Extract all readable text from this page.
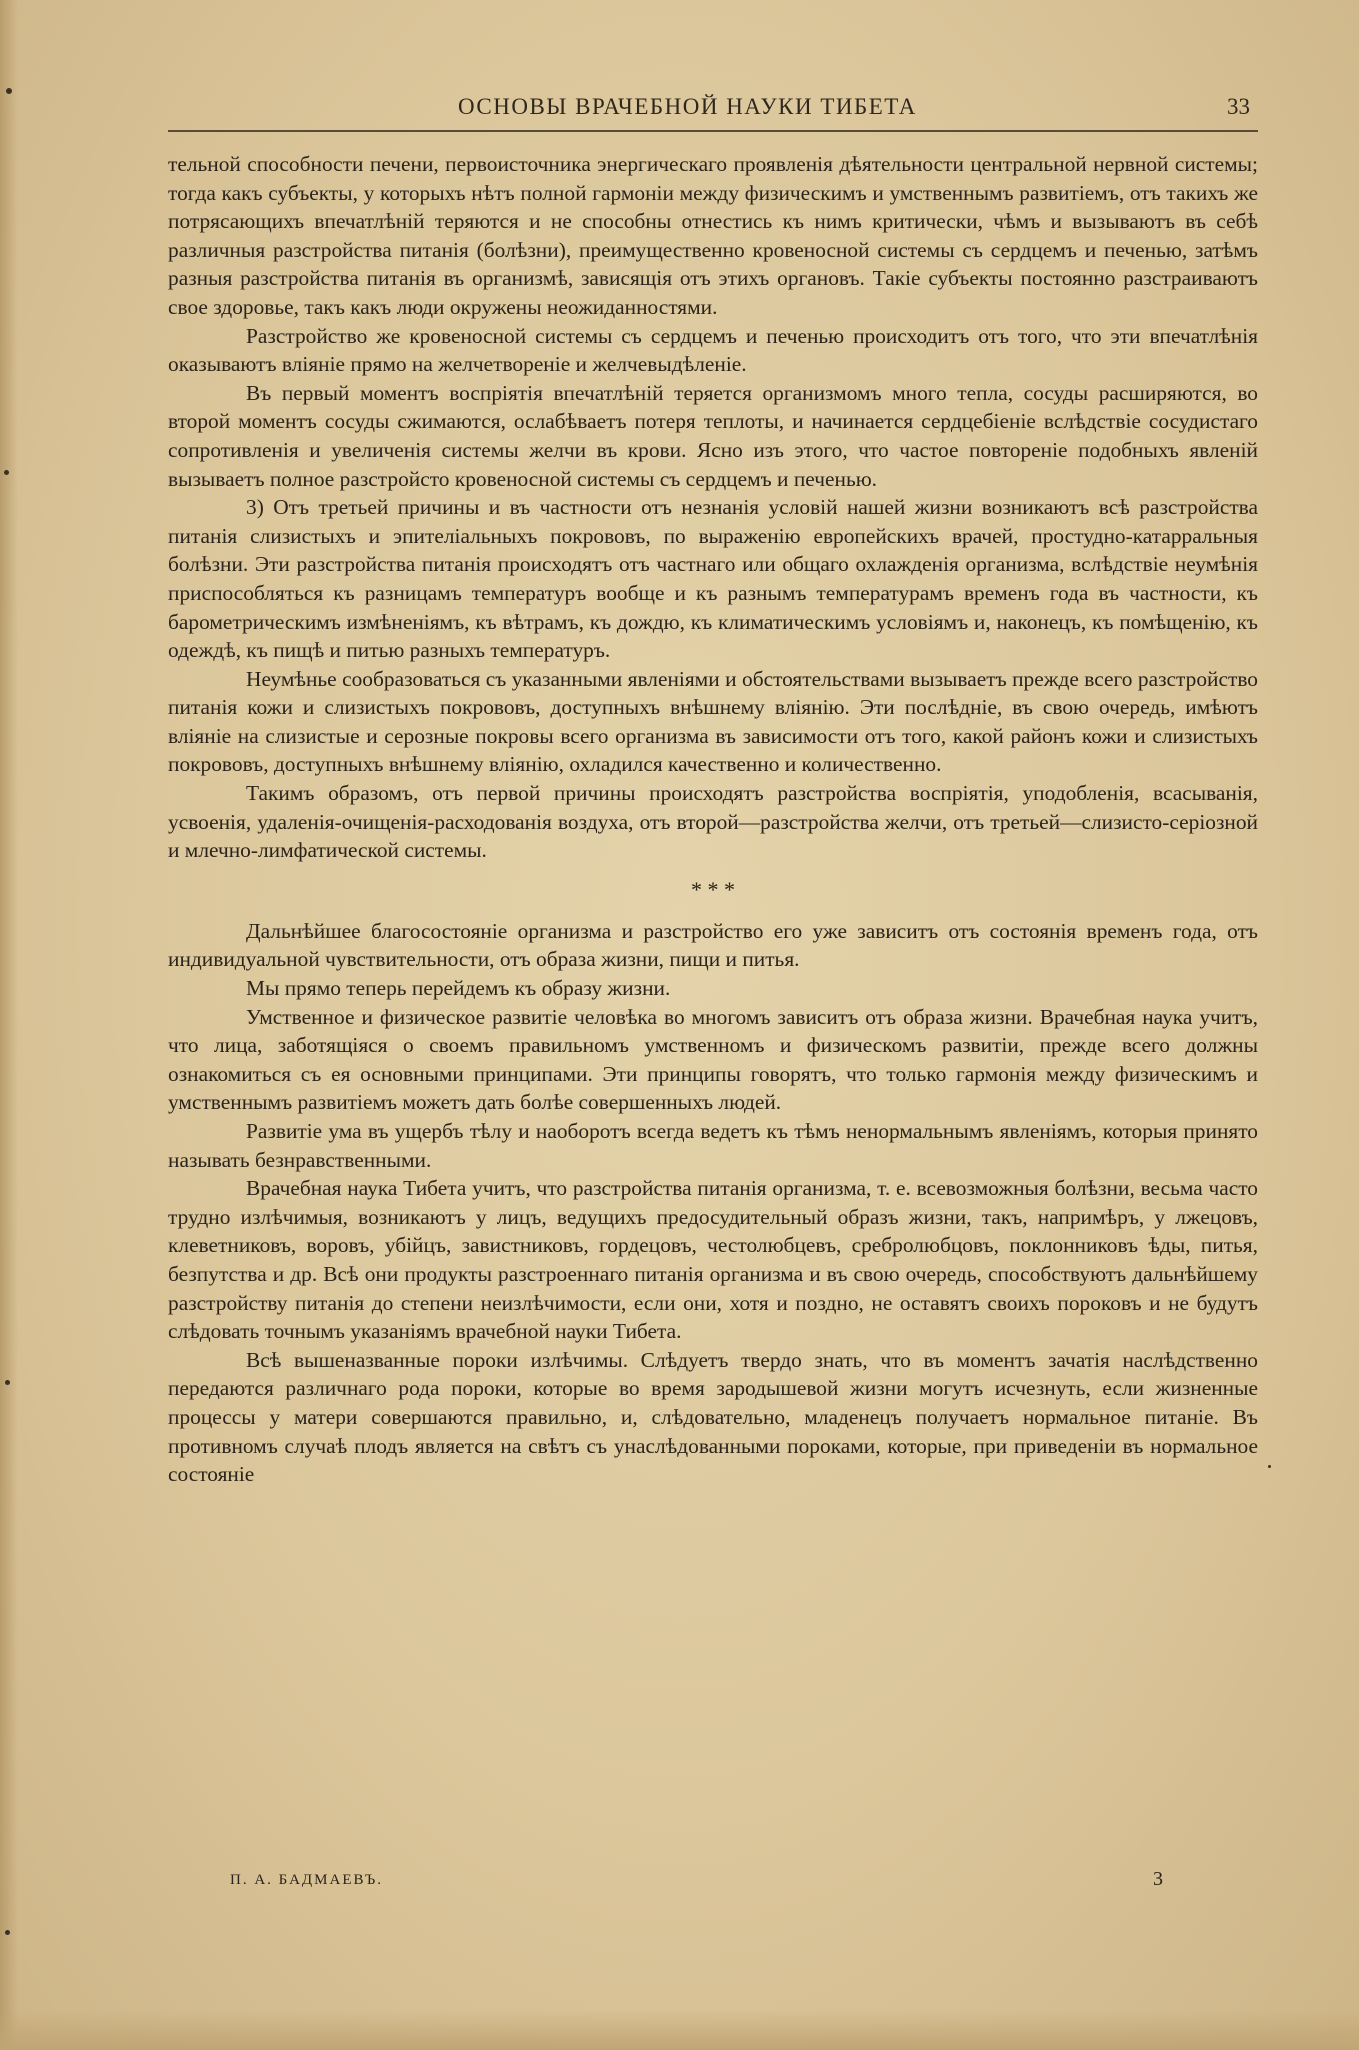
ОСНОВЫ ВРАЧЕБНОЙ НАУКИ ТИБЕТА	33

тельной способности печени, первоисточника энергическаго проявленія дѣятельности центральной нервной системы; тогда какъ субъекты, у которыхъ нѣтъ полной гармоніи между физическимъ и умственнымъ развитіемъ, отъ такихъ же потрясающихъ впечатлѣній теряются и не способны отнестись къ нимъ критически, чѣмъ и вызываютъ въ себѣ различныя разстройства питанія (болѣзни), преимущественно кровеносной системы съ сердцемъ и печенью, затѣмъ разныя разстройства питанія въ организмѣ, зависящія отъ этихъ органовъ. Такіе субъекты постоянно разстраиваютъ свое здоровье, такъ какъ люди окружены неожиданностями.

Разстройство же кровеносной системы съ сердцемъ и печенью происходитъ отъ того, что эти впечатлѣнія оказываютъ вліяніе прямо на желчетвореніе и желчевыдѣленіе.

Въ первый моментъ воспріятія впечатлѣній теряется организмомъ много тепла, сосуды расширяются, во второй моментъ сосуды сжимаются, ослабѣваетъ потеря теплоты, и начинается сердцебіеніе вслѣдствіе сосудистаго сопротивленія и увеличенія системы желчи въ крови. Ясно изъ этого, что частое повтореніе подобныхъ явленій вызываетъ полное разстройсто кровеносной системы съ сердцемъ и печенью.

3) Отъ третьей причины и въ частности отъ незнанія условій нашей жизни возникаютъ всѣ разстройства питанія слизистыхъ и эпителіальныхъ покрововъ, по выраженію европейскихъ врачей, простудно-катарральныя болѣзни. Эти разстройства питанія происходятъ отъ частнаго или общаго охлажденія организма, вслѣдствіе неумѣнія приспособляться къ разницамъ температуръ вообще и къ разнымъ температурамъ временъ года въ частности, къ барометрическимъ измѣненіямъ, къ вѣтрамъ, къ дождю, къ климатическимъ условіямъ и, наконецъ, къ помѣщенію, къ одеждѣ, къ пищѣ и питью разныхъ температуръ.

Неумѣнье сообразоваться съ указанными явленіями и обстоятельствами вызываетъ прежде всего разстройство питанія кожи и слизистыхъ покрововъ, доступныхъ внѣшнему вліянію. Эти послѣдніе, въ свою очередь, имѣютъ вліяніе на слизистые и серозные покровы всего организма въ зависимости отъ того, какой районъ кожи и слизистыхъ покрововъ, доступныхъ внѣшнему вліянію, охладился качественно и количественно.

Такимъ образомъ, отъ первой причины происходятъ разстройства воспріятія, уподобленія, всасыванія, усвоенія, удаленія-очищенія-расходованія воздуха, отъ второй—разстройства желчи, отъ третьей—слизисто-серіозной и млечно-лимфатической системы.

* * *

Дальнѣйшее благосостояніе организма и разстройство его уже зависитъ отъ состоянія временъ года, отъ индивидуальной чувствительности, отъ образа жизни, пищи и питья.

Мы прямо теперь перейдемъ къ образу жизни.

Умственное и физическое развитіе человѣка во многомъ зависитъ отъ образа жизни. Врачебная наука учитъ, что лица, заботящіяся о своемъ правильномъ умственномъ и физическомъ развитіи, прежде всего должны ознакомиться съ ея основными принципами. Эти принципы говорятъ, что только гармонія между физическимъ и умственнымъ развитіемъ можетъ дать болѣе совершенныхъ людей.

Развитіе ума въ ущербъ тѣлу и наоборотъ всегда ведетъ къ тѣмъ ненормальнымъ явленіямъ, которыя принято называть безнравственными.

Врачебная наука Тибета учитъ, что разстройства питанія организма, т. е. всевозможныя болѣзни, весьма часто трудно излѣчимыя, возникаютъ у лицъ, ведущихъ предосудительный образъ жизни, такъ, напримѣръ, у лжецовъ, клеветниковъ, воровъ, убійцъ, завистниковъ, гордецовъ, честолюбцевъ, сребролюбцовъ, поклонниковъ ѣды, питья, безпутства и др. Всѣ они продукты разстроеннаго питанія организма и въ свою очередь, способствуютъ дальнѣйшему разстройству питанія до степени неизлѣчимости, если они, хотя и поздно, не оставятъ своихъ пороковъ и не будутъ слѣдовать точнымъ указаніямъ врачебной науки Тибета.

Всѣ вышеназванные пороки излѣчимы. Слѣдуетъ твердо знать, что въ моментъ зачатія наслѣдственно передаются различнаго рода пороки, которые во время зародышевой жизни могутъ исчезнуть, если жизненные процессы у матери совершаются правильно, и, слѣдовательно, младенецъ получаетъ нормальное питаніе. Въ противномъ случаѣ плодъ является на свѣтъ съ унаслѣдованными пороками, которые, при приведеніи въ нормальное состояніе

П. А. БАДМАЕВЪ.	3
